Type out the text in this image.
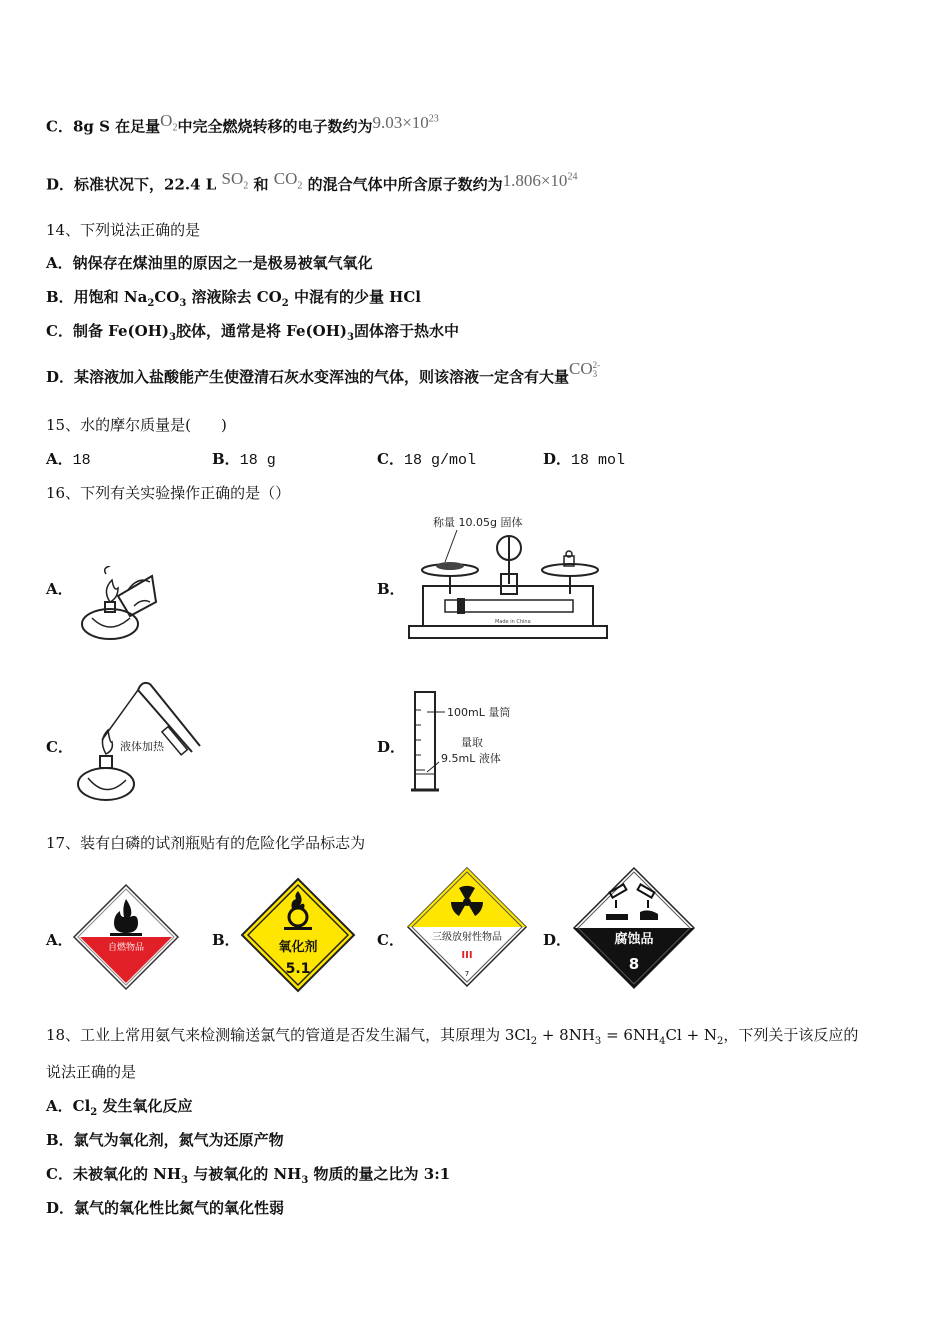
C．8g S 在足量$O_2$中完全燃烧转移的电子数约为$9.03\times 10^{23}$
D．标准状况下，22.4 L $SO_2$ 和 $CO_2$ 的混合气体中所含原子数约为$1.806\times 10^{24}$
14、下列说法正确的是
A．钠保存在煤油里的原因之一是极易被氧气氧化
B．用饱和 $Na_2CO_3$ 溶液除去 $CO_2$ 中混有的少量 HCl
C．制备 $Fe(OH)_3$胶体，通常是将 $Fe(OH)_3$固体溶于热水中
D．某溶液加入盐酸能产生使澄清石灰水变浑浊的气体，则该溶液一定含有大量CO 2-
3
15、水的摩尔质量是(　　)
A．18	B．18 g	C．18 g/mol	D．18 mol
16、下列有关实验操作正确的是（）
A．	B．
C．	D．
称量 10.05g 固体
Made in China
液体加热
100mL 量筒
量取
9.5mL 液体
17、装有白磷的试剂瓶贴有的危险化学品标志为
A．	B．	C．	D．
自燃物品	氧化剂
5.1
三级放射性物品
III
7
腐蚀品
8
18、工业上常用氨气来检测输送氯气的管道是否发生漏气，其原理为 $3Cl_2 + 8NH_3 = 6NH_4Cl + N_2$，下列关于该反应的
说法正确的是
A．$Cl_2$ 发生氧化反应
B．氯气为氧化剂，氮气为还原产物
C．未被氧化的 $NH_3$ 与被氧化的 $NH_3$ 物质的量之比为 3:1
D．氯气的氧化性比氮气的氧化性弱
